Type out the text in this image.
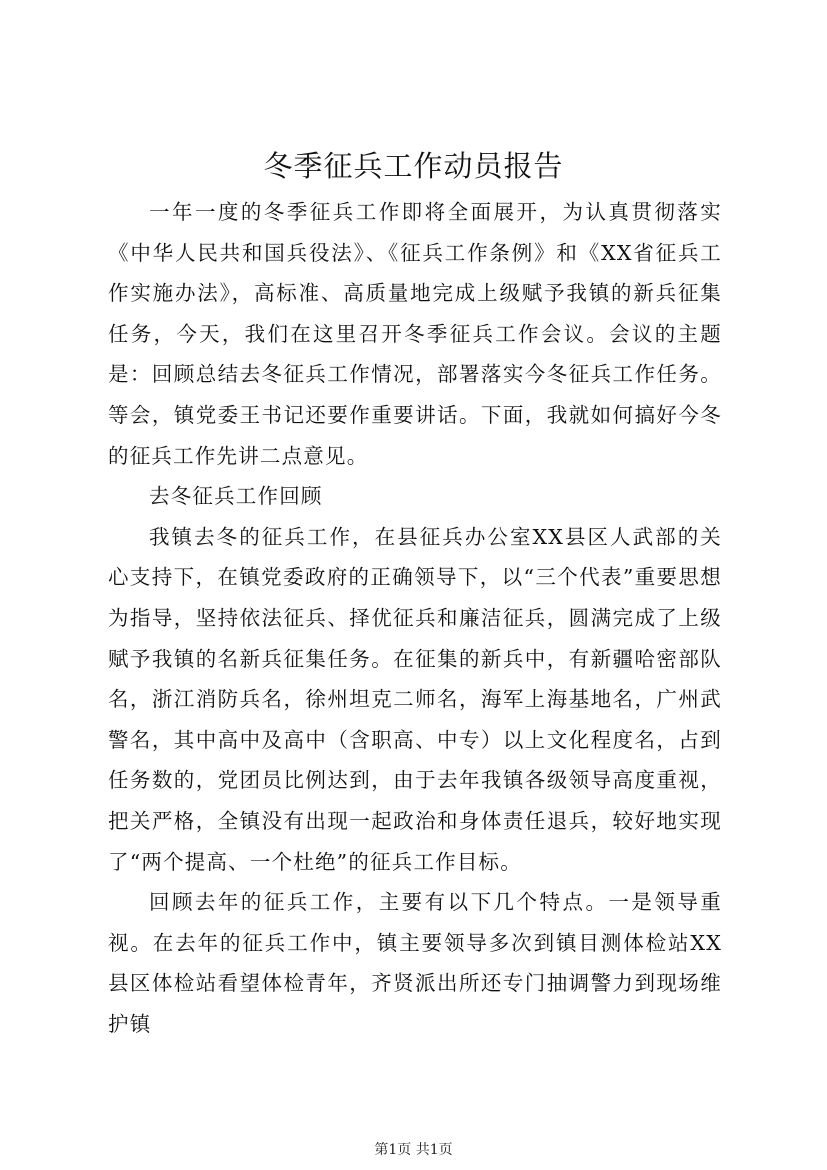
冬季征兵工作动员报告

一年一度的冬季征兵工作即将全面展开，为认真贯彻落实《中华人民共和国兵役法》、《征兵工作条例》和《XX省征兵工作实施办法》，高标准、高质量地完成上级赋予我镇的新兵征集任务，今天，我们在这里召开冬季征兵工作会议。会议的主题是：回顾总结去冬征兵工作情况，部署落实今冬征兵工作任务。等会，镇党委王书记还要作重要讲话。下面，我就如何搞好今冬的征兵工作先讲二点意见。

去冬征兵工作回顾

我镇去冬的征兵工作，在县征兵办公室XX县区人武部的关心支持下，在镇党委政府的正确领导下，以“三个代表”重要思想为指导，坚持依法征兵、择优征兵和廉洁征兵，圆满完成了上级赋予我镇的名新兵征集任务。在征集的新兵中，有新疆哈密部队名，浙江消防兵名，徐州坦克二师名，海军上海基地名，广州武警名，其中高中及高中（含职高、中专）以上文化程度名，占到任务数的，党团员比例达到，由于去年我镇各级领导高度重视，把关严格，全镇没有出现一起政治和身体责任退兵，较好地实现了“两个提高、一个杜绝”的征兵工作目标。

回顾去年的征兵工作，主要有以下几个特点。一是领导重视。在去年的征兵工作中，镇主要领导多次到镇目测体检站XX县区体检站看望体检青年，齐贤派出所还专门抽调警力到现场维护镇

第1页 共1页
